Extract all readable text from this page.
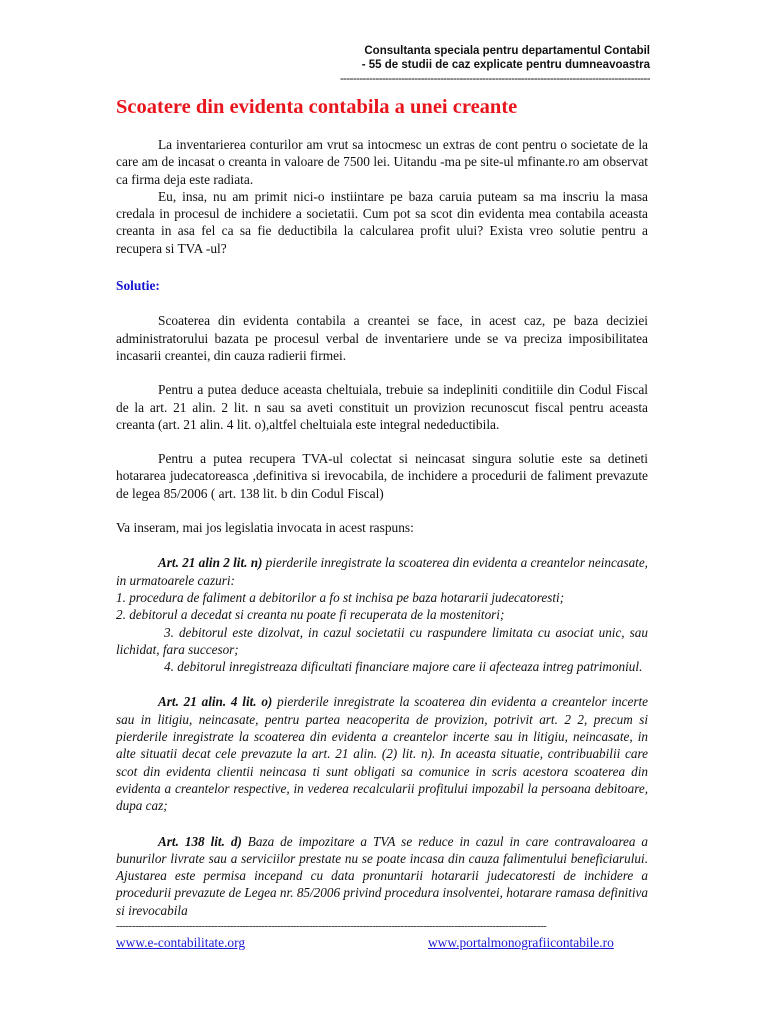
Consultanta speciala pentru departamentul Contabil
- 55 de studii de caz explicate pentru dumneavoastra
------------------------------------------------------------------------------------------------
Scoatere din evidenta contabila a unei creante

La inventarierea conturilor am vrut sa intocmesc un extras de cont pentru o societate de la care am de incasat o creanta in valoare de 7500 lei. Uitandu -ma pe site-ul mfinante.ro am observat ca firma deja este radiata.

Eu, insa, nu am primit nici-o instiintare pe baza caruia puteam sa ma inscriu la masa credala in procesul de inchidere a societatii. Cum pot sa scot din evidenta mea contabila aceasta creanta in asa fel ca sa fie deductibila la calcularea profit ului? Exista vreo solutie pentru a recupera si TVA -ul?

Solutie:

Scoaterea din evidenta contabila a creantei se face, in acest caz, pe baza deciziei administratorului bazata pe procesul verbal de inventariere unde se va preciza imposibilitatea incasarii creantei, din cauza radierii firmei.

Pentru a putea deduce aceasta cheltuiala, trebuie sa indepliniti conditiile din Codul Fiscal de la art. 21 alin. 2 lit. n sau sa aveti constituit un provizion recunoscut fiscal pentru aceasta creanta (art. 21 alin. 4 lit. o),altfel cheltuiala este integral nedeductibila.

Pentru a putea recupera TVA-ul colectat si neincasat singura solutie este sa detineti hotararea judecatoreasca ,definitiva si irevocabila, de inchidere a procedurii de faliment prevazute de legea 85/2006 ( art. 138 lit. b din Codul Fiscal)

Va inseram, mai jos legislatia invocata in acest raspuns:

Art. 21 alin 2 lit. n) pierderile inregistrate la scoaterea din evidenta a creantelor neincasate, in urmatoarele cazuri:

1. procedura de faliment a debitorilor a fo st inchisa pe baza hotararii judecatoresti;

2. debitorul a decedat si creanta nu poate fi recuperata de la mostenitori;

3. debitorul este dizolvat, in cazul societatii cu raspundere limitata cu asociat unic, sau lichidat, fara succesor;

4. debitorul inregistreaza dificultati financiare majore care ii afecteaza intreg patrimoniul.

Art. 21 alin. 4 lit. o) pierderile inregistrate la scoaterea din evidenta a creantelor incerte sau in litigiu, neincasate, pentru partea neacoperita de provizion, potrivit art. 2 2, precum si pierderile inregistrate la scoaterea din evidenta a creantelor incerte sau in litigiu, neincasate, in alte situatii decat cele prevazute la art. 21 alin. (2) lit. n). In aceasta situatie, contribuabilii care scot din evidenta clientii neincasa ti sunt obligati sa comunice in scris acestora scoaterea din evidenta a creantelor respective, in vederea recalcularii profitului impozabil la persoana debitoare, dupa caz;

Art. 138 lit. d) Baza de impozitare a TVA se reduce in cazul in care contravaloarea a bunurilor livrate sau a serviciilor prestate nu se poate incasa din cauza falimentului beneficiarului. Ajustarea este permisa incepand cu data pronuntarii hotararii judecatoresti de inchidere a procedurii prevazute de Legea nr. 85/2006 privind procedura insolventei, hotarare ramasa definitiva si irevocabila

----------------------------------------------------------------------------------------------------------------------------------------
www.e-contabilitate.org	www.portalmonografiicontabile.ro
